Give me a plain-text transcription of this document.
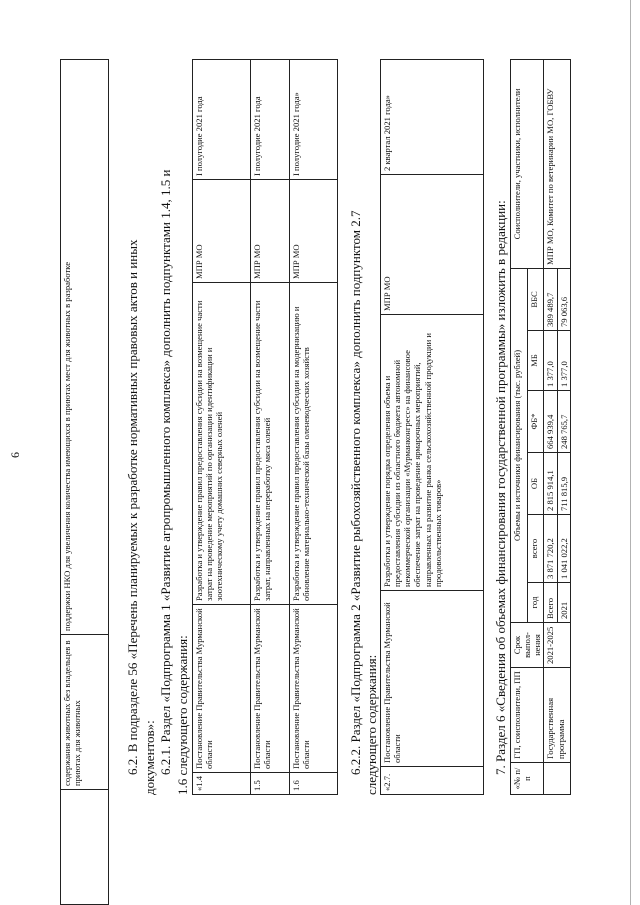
6
	содержания животных без владельцев в приютах для животных	поддержки НКО для увеличения количества имеющихся в приютах мест для животных в разработке
6.2. В подразделе 56 «Перечень планируемых к разработке нормативных правовых актов и иных
документов»: 6.2.1. Раздел «Подпрограмма 1 «Развитие агропромышленного комплекса» дополнить подпунктами 1.4, 1.5 и 1.6 следующего содержания: «1.4	Постановление Правительства Мурманской области	Разработка и утверждение правил предоставления субсидии на возмещение части затрат на проведение мероприятий по организации идентификации и зоотехническому учету домашних северных оленей	МПР МО	I полугодие 2021 года
1.5	Постановление Правительства Мурманской области	Разработка и утверждение правил предоставления субсидии на возмещение части затрат, направленных на переработку мяса оленей	МПР МО	I полугодие 2021 года
1.6	Постановление Правительства Мурманской области	Разработка и утверждение правил предоставления субсидии на модернизацию и обновление материально-технической базы оленеводческих хозяйств	МПР МО	I полугодие 2021 года»
6.2.2. Раздел «Подпрограмма 2 «Развитие рыбохозяйственного комплекса» дополнить подпунктом 2.7 следующего содержания: «2.7.	Постановление Правительства Мурманской области	Разработка и утверждение порядка определения объема и предоставления субсидии из областного бюджета автономной некоммерческой организации «Мурманконгресс» на финансовое обеспечение затрат на проведение ярмарочных мероприятий, направленных на развитие рынка сельскохозяйственной продукции и продовольственных товаров»	МПР МО	2 квартал 2021 года»
7. Раздел 6 «Сведения об объемах финансирования государственной программы» изложить в редакции:
«№ п/п	ГП, соисполнители, ПП	Срок выпол-нения	Объемы и источники финансирования (тыс. рублей)						Соисполнители, участники, исполнители
			год	всего	ОБ	ФБ*	МБ	ВБС	
	Государственная программа	2021-2025	Всего	3 871 720,2	2 815 914,1	664 939,4	1 377,0	389 489,7	МПР МО, Комитет по ветеринарии МО, ГОБВУ
			2021	1 041 022,2	711 815,9	248 765,7	1 377,0	79 063,6	
